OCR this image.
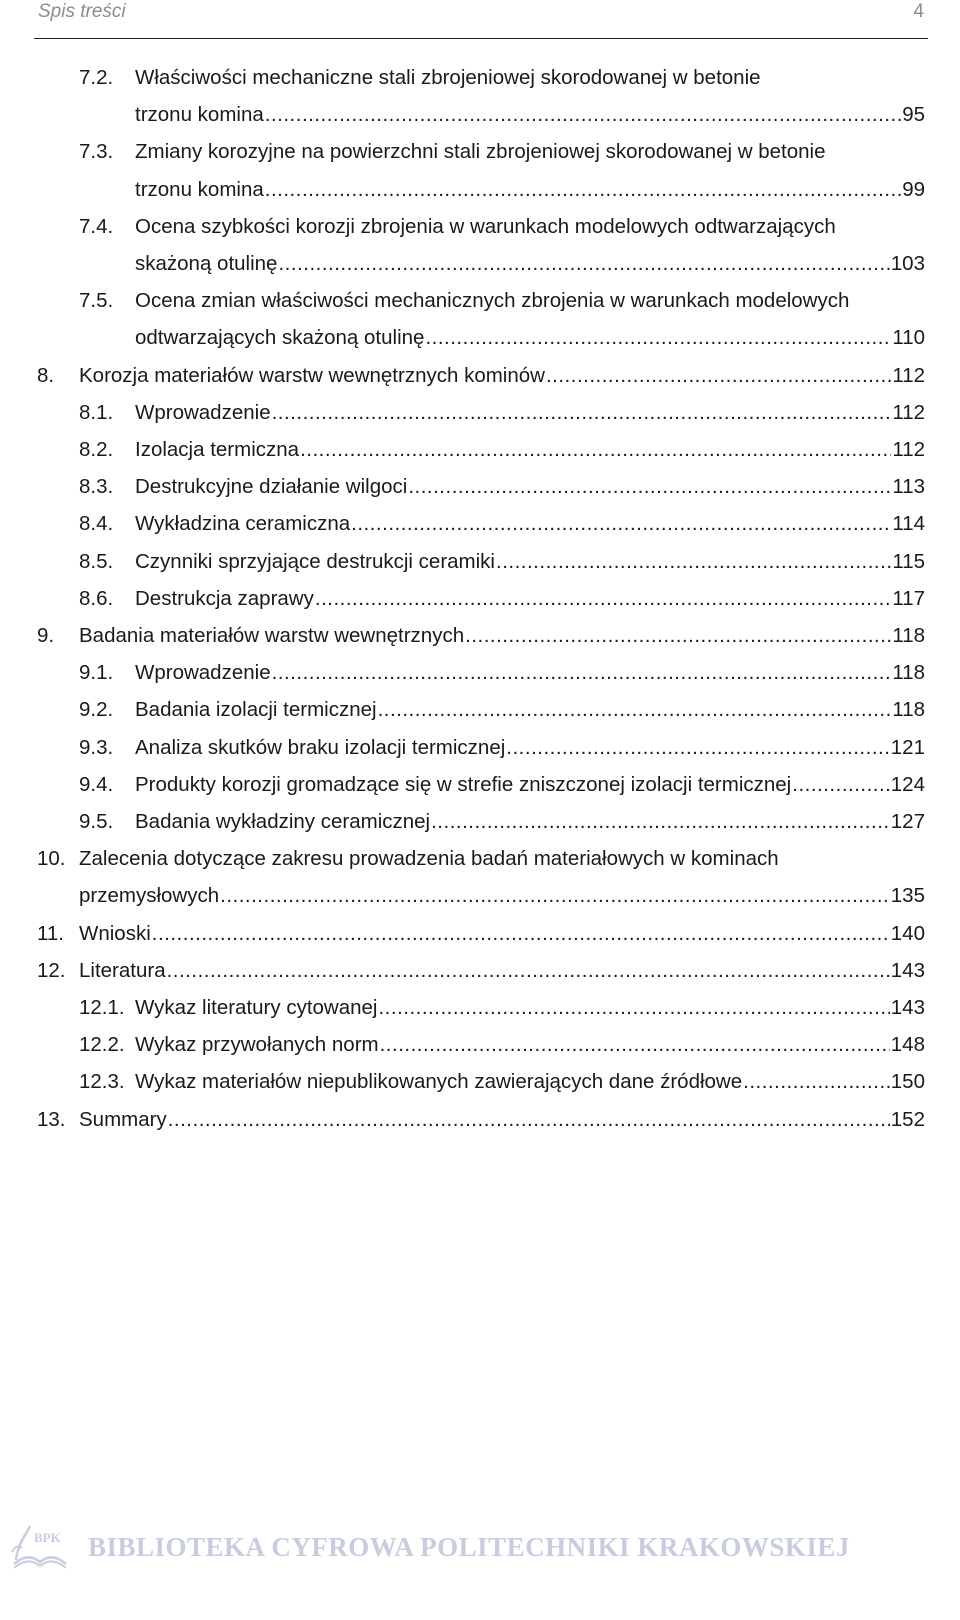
Spis treści	4
7.2. Właściwości mechaniczne stali zbrojeniowej skorodowanej w betonie
trzonu komina .....	95
7.3. Zmiany korozyjne na powierzchni stali zbrojeniowej skorodowanej w betonie
trzonu komina .....	99
7.4. Ocena szybkości korozji zbrojenia w warunkach modelowych odtwarzających
skażoną otulinę .....	103
7.5. Ocena zmian właściwości mechanicznych zbrojenia w warunkach modelowych
odtwarzających skażoną otulinę .....	110
8. Korozja materiałów warstw wewnętrznych kominów .....	112
8.1. Wprowadzenie .....	112
8.2. Izolacja termiczna .....	112
8.3. Destrukcyjne działanie wilgoci .....	113
8.4. Wykładzina ceramiczna .....	114
8.5. Czynniki sprzyjające destrukcji ceramiki .....	115
8.6. Destrukcja zaprawy .....	117
9. Badania materiałów warstw wewnętrznych .....	118
9.1. Wprowadzenie .....	118
9.2. Badania izolacji termicznej .....	118
9.3. Analiza skutków braku izolacji termicznej .....	121
9.4. Produkty korozji gromadzące się w strefie zniszczonej izolacji termicznej .....	124
9.5. Badania wykładziny ceramicznej .....	127
10. Zalecenia dotyczące zakresu prowadzenia badań materiałowych w kominach
przemysłowych .....	135
11. Wnioski .....	140
12. Literatura .....	143
12.1. Wykaz literatury cytowanej .....	143
12.2. Wykaz przywołanych norm .....	148
12.3. Wykaz materiałów niepublikowanych zawierających dane źródłowe .....	150
13. Summary .....	152
BPK BIBLIOTEKA CYFROWA POLITECHNIKI KRAKOWSKIEJ
